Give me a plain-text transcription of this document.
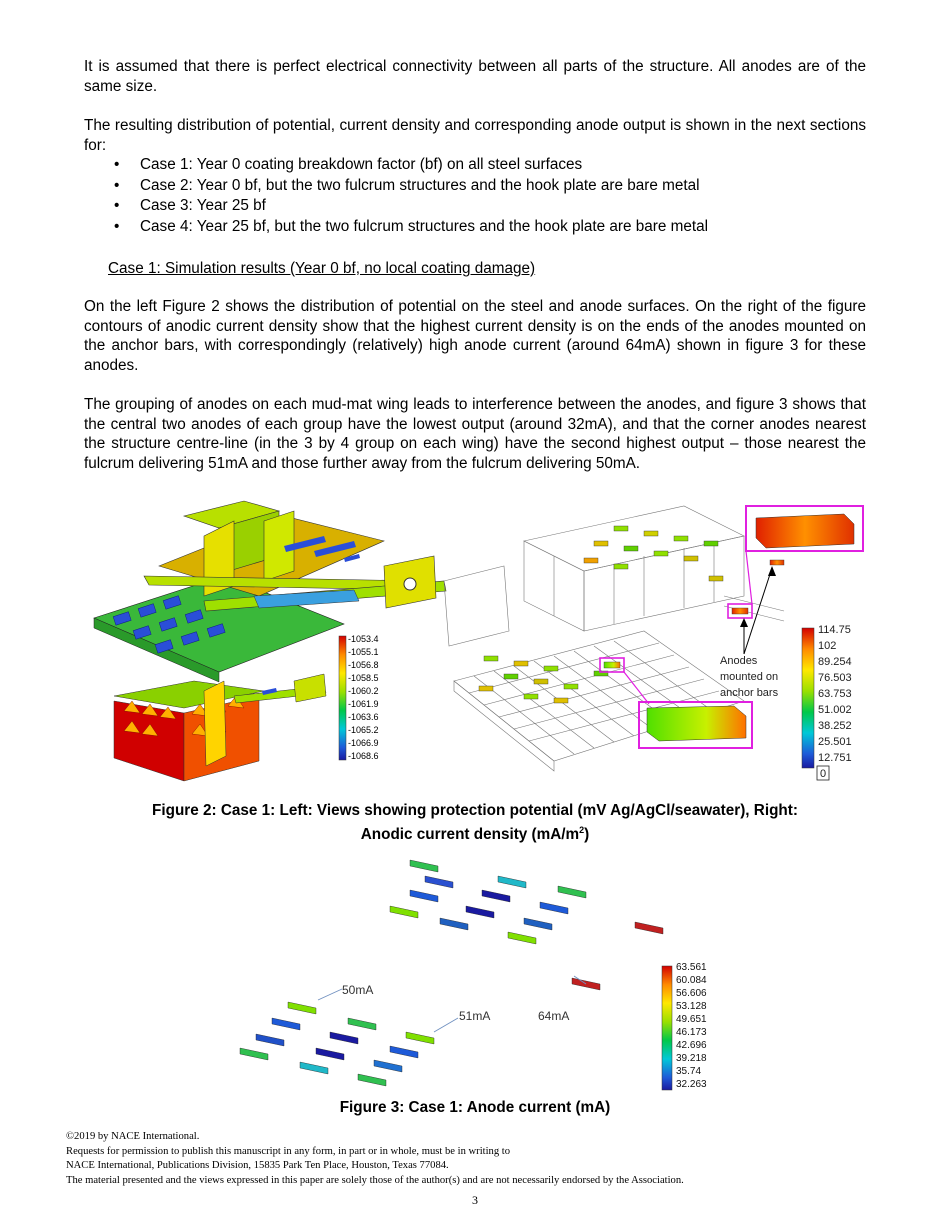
It is assumed that there is perfect electrical connectivity between all parts of the structure. All anodes are of the same size.

The resulting distribution of potential, current density and corresponding anode output is shown in the next sections for:

• Case 1: Year 0 coating breakdown factor (bf) on all steel surfaces
• Case 2: Year 0 bf, but the two fulcrum structures and the hook plate are bare metal
• Case 3: Year 25 bf
• Case 4: Year 25 bf, but the two fulcrum structures and the hook plate are bare metal

Case 1: Simulation results (Year 0 bf, no local coating damage)

On the left Figure 2 shows the distribution of potential on the steel and anode surfaces. On the right of the figure contours of anodic current density show that the highest current density is on the ends of the anodes mounted on the anchor bars, with correspondingly (relatively) high anode current (around 64mA) shown in figure 3 for these anodes.

The grouping of anodes on each mud-mat wing leads to interference between the anodes, and figure 3 shows that the central two anodes of each group have the lowest output (around 32mA), and that the corner anodes nearest the structure centre-line (in the 3 by 4 group on each wing) have the second highest output – those nearest the fulcrum delivering 51mA and those further away from the fulcrum delivering 50mA.

-1053.4
-1055.1
-1056.8
-1058.5
-1060.2
-1061.9
-1063.6
-1065.2
-1066.9
-1068.6
Anodes
mounted on
anchor bars
114.75
102
89.254
76.503
63.753
51.002
38.252
25.501
12.751
0

Figure 2: Case 1: Left: Views showing protection potential (mV Ag/AgCl/seawater), Right:
Anodic current density $(mA/m^2)$

50mA
51mA	64mA
63.561
60.084
56.606
53.128
49.651
46.173
42.696
39.218
35.74
32.263

Figure 3: Case 1: Anode current (mA)

©2019 by NACE International.
Requests for permission to publish this manuscript in any form, in part or in whole, must be in writing to
NACE International, Publications Division, 15835 Park Ten Place, Houston, Texas 77084.
The material presented and the views expressed in this paper are solely those of the author(s) and are not necessarily endorsed by the Association.
3
